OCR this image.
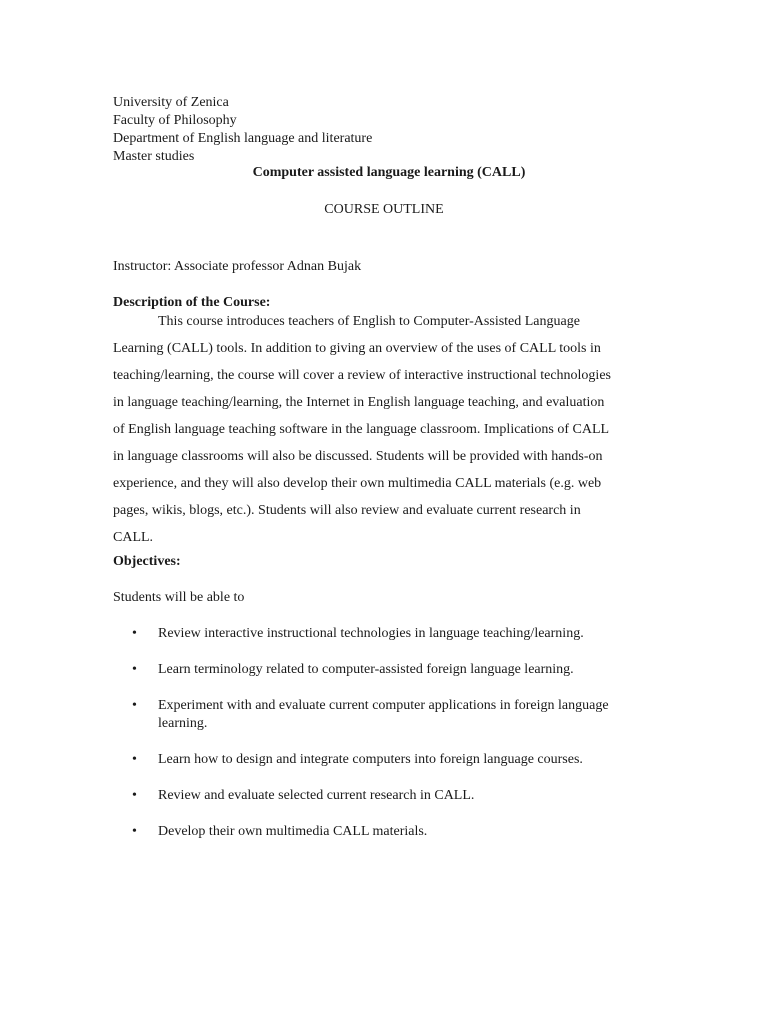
University of Zenica
Faculty of Philosophy
Department of English language and literature
Master studies
Computer assisted language learning (CALL)
COURSE OUTLINE
Instructor: Associate professor Adnan Bujak
Description of the Course:
This course introduces teachers of English to Computer-Assisted Language
Learning (CALL) tools. In addition to giving an overview of the uses of CALL tools in
teaching/learning, the course will cover a review of interactive instructional technologies
in language teaching/learning, the Internet in English language teaching, and evaluation
of English language teaching software in the language classroom. Implications of CALL
in language classrooms will also be discussed. Students will be provided with hands-on
experience, and they will also develop their own multimedia CALL materials (e.g. web
pages, wikis, blogs, etc.). Students will also review and evaluate current research in
CALL.
Objectives:
Students will be able to
• Review interactive instructional technologies in language teaching/learning.
• Learn terminology related to computer-assisted foreign language learning.
• Experiment with and evaluate current computer applications in foreign language learning.
• Learn how to design and integrate computers into foreign language courses.
• Review and evaluate selected current research in CALL.
• Develop their own multimedia CALL materials.
